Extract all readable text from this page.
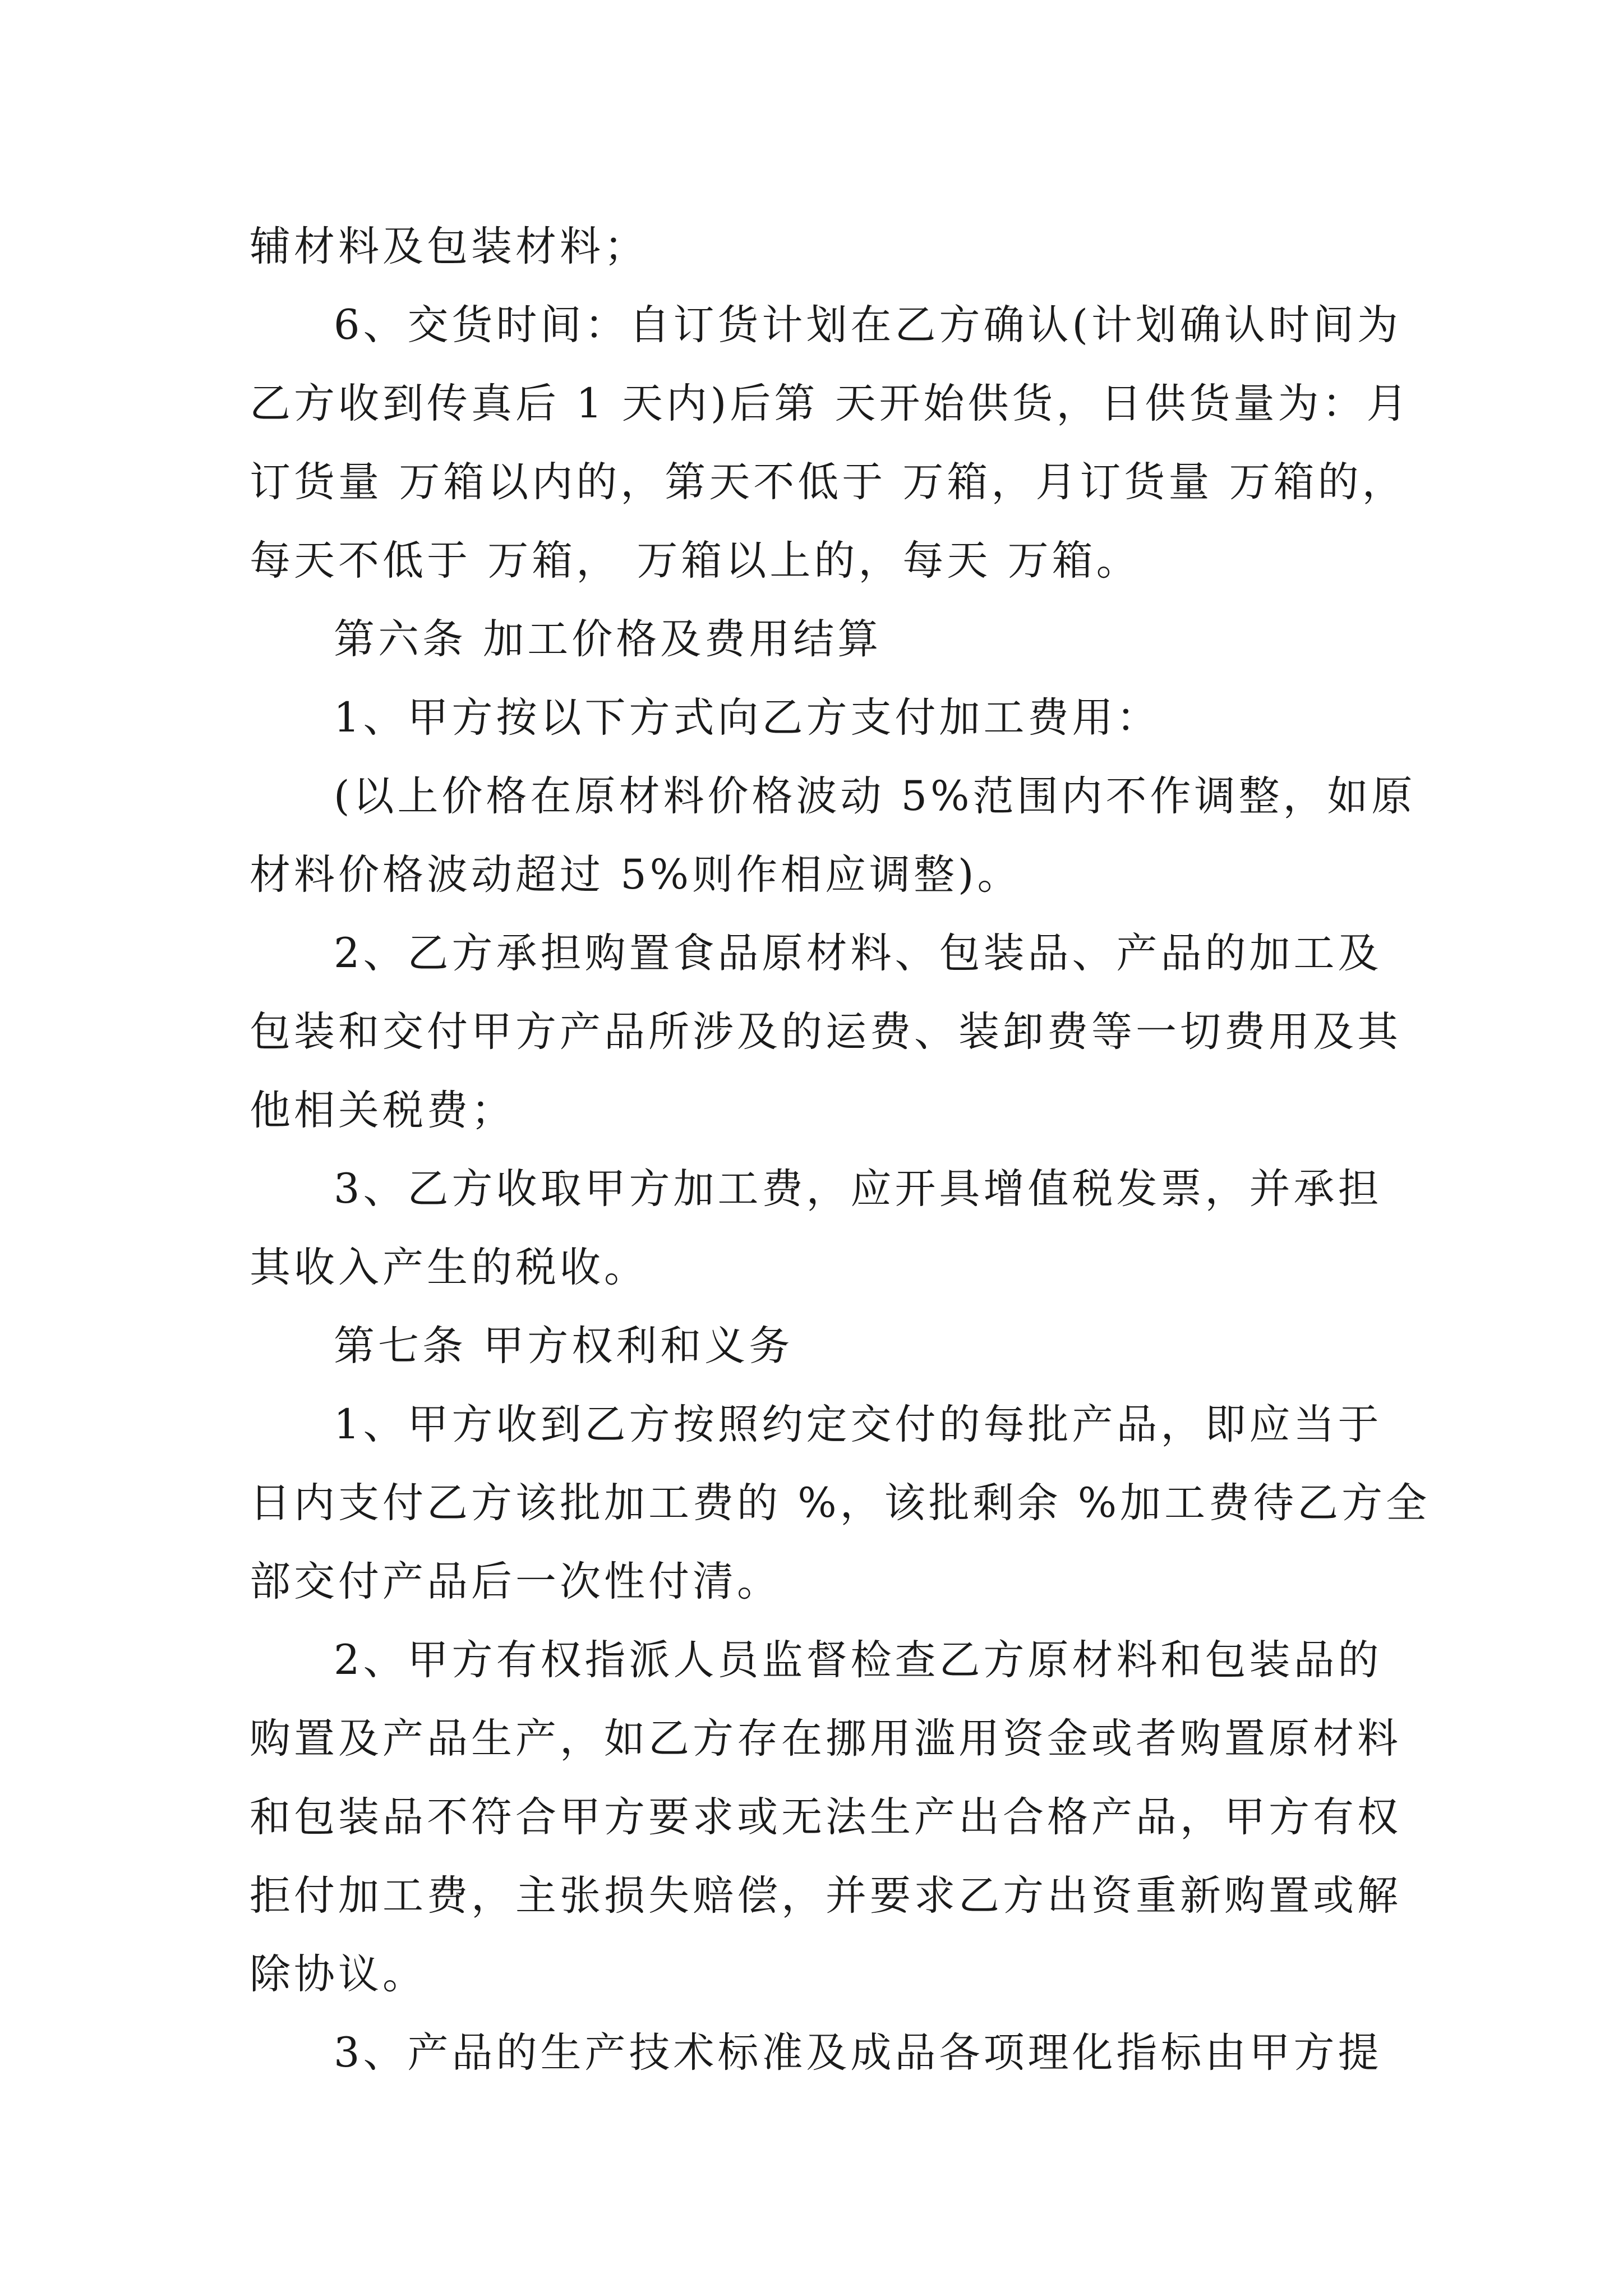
辅材料及包装材料；
6、交货时间：自订货计划在乙方确认(计划确认时间为
乙方收到传真后 1 天内)后第 天开始供货，日供货量为：月
订货量 万箱以内的，第天不低于 万箱，月订货量 万箱的，
每天不低于 万箱， 万箱以上的，每天 万箱。
第六条 加工价格及费用结算
1、甲方按以下方式向乙方支付加工费用：
(以上价格在原材料价格波动 5%范围内不作调整，如原
材料价格波动超过 5%则作相应调整)。
2、乙方承担购置食品原材料、包装品、产品的加工及
包装和交付甲方产品所涉及的运费、装卸费等一切费用及其
他相关税费；
3、乙方收取甲方加工费，应开具增值税发票，并承担
其收入产生的税收。
第七条 甲方权利和义务
1、甲方收到乙方按照约定交付的每批产品，即应当于
日内支付乙方该批加工费的 %，该批剩余 %加工费待乙方全
部交付产品后一次性付清。
2、甲方有权指派人员监督检查乙方原材料和包装品的
购置及产品生产，如乙方存在挪用滥用资金或者购置原材料
和包装品不符合甲方要求或无法生产出合格产品，甲方有权
拒付加工费，主张损失赔偿，并要求乙方出资重新购置或解
除协议。
3、产品的生产技术标准及成品各项理化指标由甲方提
